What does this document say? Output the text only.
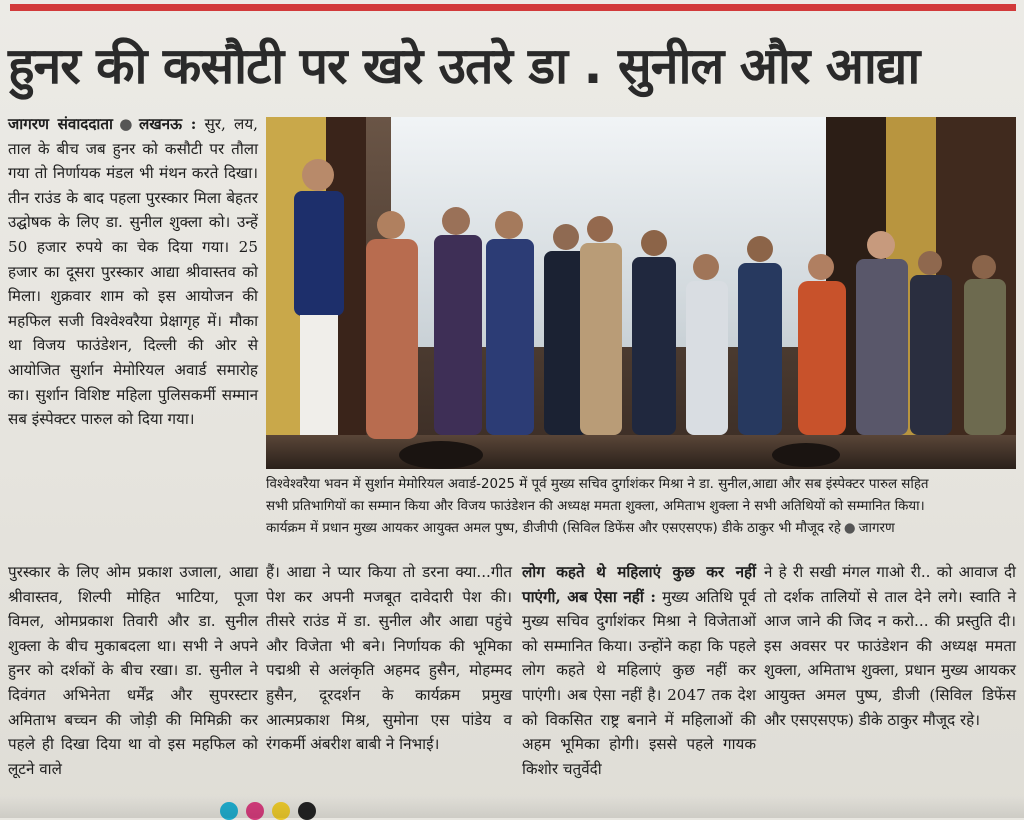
हुनर की कसौटी पर खरे उतरे डा . सुनील और आद्या

जागरण संवाददाता ● लखनऊ : सुर, लय, ताल के बीच जब हुनर को कसौटी पर तौला गया तो निर्णायक मंडल भी मंथन करते दिखा। तीन राउंड के बाद पहला पुरस्कार मिला बेहतर उद्घोषक के लिए डा. सुनील शुक्ला को। उन्हें 50 हजार रुपये का चेक दिया गया। 25 हजार का दूसरा पुरस्कार आद्या श्रीवास्तव को मिला। शुक्रवार शाम को इस आयोजन की महफिल सजी विश्वेश्वरैया प्रेक्षागृह में। मौका था विजय फाउंडेशन, दिल्ली की ओर से आयोजित सुर्शान मेमोरियल अवार्ड समारोह का। सुर्शान विशिष्ट महिला पुलिसकर्मी सम्मान सब इंस्पेक्टर पारुल को दिया गया।

विश्वेश्वरैया भवन में सुर्शान मेमोरियल अवार्ड-2025 में पूर्व मुख्य सचिव दुर्गाशंकर मिश्रा ने डा. सुनील,आद्या और सब इंस्पेक्टर पारुल सहित

सभी प्रतिभागियों का सम्मान किया और विजय फाउंडेशन की अध्यक्ष ममता शुक्ला, अमिताभ शुक्ला ने सभी अतिथियों को सम्मानित किया।

कार्यक्रम में प्रधान मुख्य आयकर आयुक्त अमल पुष्प, डीजीपी (सिविल डिफेंस और एसएसएफ) डीके ठाकुर भी मौजूद रहे ● जागरण

पुरस्कार के लिए ओम प्रकाश उजाला, आद्या श्रीवास्तव, शिल्पी मोहित भाटिया, पूजा विमल, ओमप्रकाश तिवारी और डा. सुनील शुक्ला के बीच मुकाबदला था। सभी ने अपने हुनर को दर्शकों के बीच रखा। डा. सुनील ने दिवंगत अभिनेता धर्मेंद्र और सुपरस्टार अमिताभ बच्चन की जोड़ी की मिमिक्री कर पहले ही दिखा दिया था वो इस महफिल को लूटने वाले

हैं। आद्या ने प्यार किया तो डरना क्या...गीत पेश कर अपनी मजबूत दावेदारी पेश की। तीसरे राउंड में डा. सुनील और आद्या पहुंचे और विजेता भी बने। निर्णायक की भूमिका पद्मश्री से अलंकृति अहमद हुसैन, मोहम्मद हुसैन, दूरदर्शन के कार्यक्रम प्रमुख आत्मप्रकाश मिश्र, सुमोना एस पांडेय व रंगकर्मी अंबरीश बाबी ने निभाई।

लोग कहते थे महिलाएं कुछ कर नहीं पाएंगी, अब ऐसा नहीं : मुख्य अतिथि पूर्व मुख्य सचिव दुर्गाशंकर मिश्रा ने विजेताओं को सम्मानित किया। उन्होंने कहा कि पहले लोग कहते थे महिलाएं कुछ नहीं कर पाएंगी। अब ऐसा नहीं है। 2047 तक देश को विकसित राष्ट्र बनाने में महिलाओं की अहम भूमिका होगी। इससे पहले गायक किशोर चतुर्वेदी

ने हे री सखी मंगल गाओ री.. को आवाज दी तो दर्शक तालियों से ताल देने लगे। स्वाति ने आज जाने की जिद न करो... की प्रस्तुति दी। इस अवसर पर फाउंडेशन की अध्यक्ष ममता शुक्ला, अमिताभ शुक्ला, प्रधान मुख्य आयकर आयुक्त अमल पुष्प, डीजी (सिविल डिफेंस और एसएसएफ) डीके ठाकुर मौजूद रहे।
